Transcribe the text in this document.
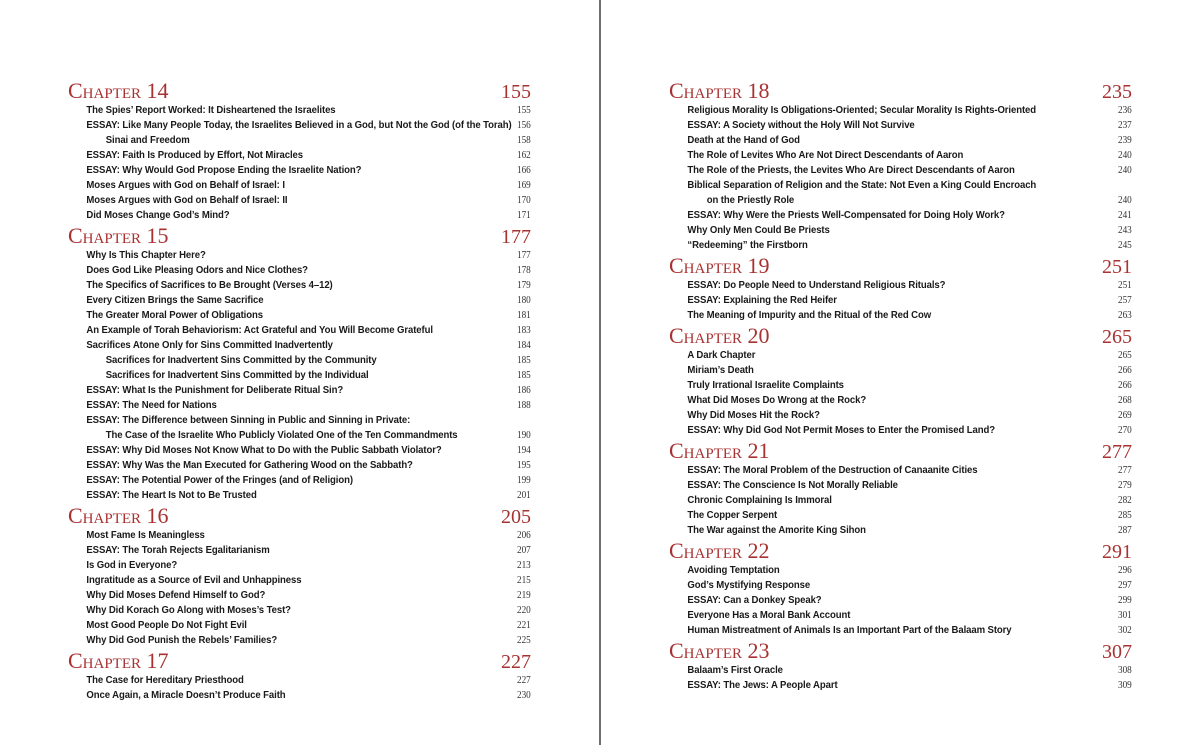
Chapter 14	155
The Spies’ Report Worked: It Disheartened the Israelites	155
ESSAY: Like Many People Today, the Israelites Believed in a God, but Not the God (of the Torah) 156
Sinai and Freedom	158
ESSAY: Faith Is Produced by Effort, Not Miracles	162
ESSAY: Why Would God Propose Ending the Israelite Nation?	166
Moses Argues with God on Behalf of Israel: I	169
Moses Argues with God on Behalf of Israel: II	170
Did Moses Change God’s Mind?	171
Chapter 15	177
Why Is This Chapter Here?	177
Does God Like Pleasing Odors and Nice Clothes?	178
The Specifics of Sacrifices to Be Brought (Verses 4–12)	179
Every Citizen Brings the Same Sacrifice	180
The Greater Moral Power of Obligations	181
An Example of Torah Behaviorism: Act Grateful and You Will Become Grateful	183
Sacrifices Atone Only for Sins Committed Inadvertently	184
Sacrifices for Inadvertent Sins Committed by the Community	185
Sacrifices for Inadvertent Sins Committed by the Individual	185
ESSAY: What Is the Punishment for Deliberate Ritual Sin?	186
ESSAY: The Need for Nations	188
ESSAY: The Difference between Sinning in Public and Sinning in Private:
The Case of the Israelite Who Publicly Violated One of the Ten Commandments	190
ESSAY: Why Did Moses Not Know What to Do with the Public Sabbath Violator?	194
ESSAY: Why Was the Man Executed for Gathering Wood on the Sabbath?	195
ESSAY: The Potential Power of the Fringes (and of Religion)	199
ESSAY: The Heart Is Not to Be Trusted	201
Chapter 16	205
Most Fame Is Meaningless	206
ESSAY: The Torah Rejects Egalitarianism	207
Is God in Everyone?	213
Ingratitude as a Source of Evil and Unhappiness	215
Why Did Moses Defend Himself to God?	219
Why Did Korach Go Along with Moses’s Test?	220
Most Good People Do Not Fight Evil	221
Why Did God Punish the Rebels’ Families?	225
Chapter 17	227
The Case for Hereditary Priesthood	227
Once Again, a Miracle Doesn’t Produce Faith	230
Chapter 18	235
Religious Morality Is Obligations-Oriented; Secular Morality Is Rights-Oriented	236
ESSAY: A Society without the Holy Will Not Survive	237
Death at the Hand of God	239
The Role of Levites Who Are Not Direct Descendants of Aaron	240
The Role of the Priests, the Levites Who Are Direct Descendants of Aaron	240
Biblical Separation of Religion and the State: Not Even a King Could Encroach
on the Priestly Role	240
ESSAY: Why Were the Priests Well-Compensated for Doing Holy Work?	241
Why Only Men Could Be Priests	243
“Redeeming” the Firstborn	245
Chapter 19	251
ESSAY: Do People Need to Understand Religious Rituals?	251
ESSAY: Explaining the Red Heifer	257
The Meaning of Impurity and the Ritual of the Red Cow	263
Chapter 20	265
A Dark Chapter	265
Miriam’s Death	266
Truly Irrational Israelite Complaints	266
What Did Moses Do Wrong at the Rock?	268
Why Did Moses Hit the Rock?	269
ESSAY: Why Did God Not Permit Moses to Enter the Promised Land?	270
Chapter 21	277
ESSAY: The Moral Problem of the Destruction of Canaanite Cities	277
ESSAY: The Conscience Is Not Morally Reliable	279
Chronic Complaining Is Immoral	282
The Copper Serpent	285
The War against the Amorite King Sihon	287
Chapter 22	291
Avoiding Temptation	296
God’s Mystifying Response	297
ESSAY: Can a Donkey Speak?	299
Everyone Has a Moral Bank Account	301
Human Mistreatment of Animals Is an Important Part of the Balaam Story	302
Chapter 23	307
Balaam’s First Oracle	308
ESSAY: The Jews: A People Apart	309
